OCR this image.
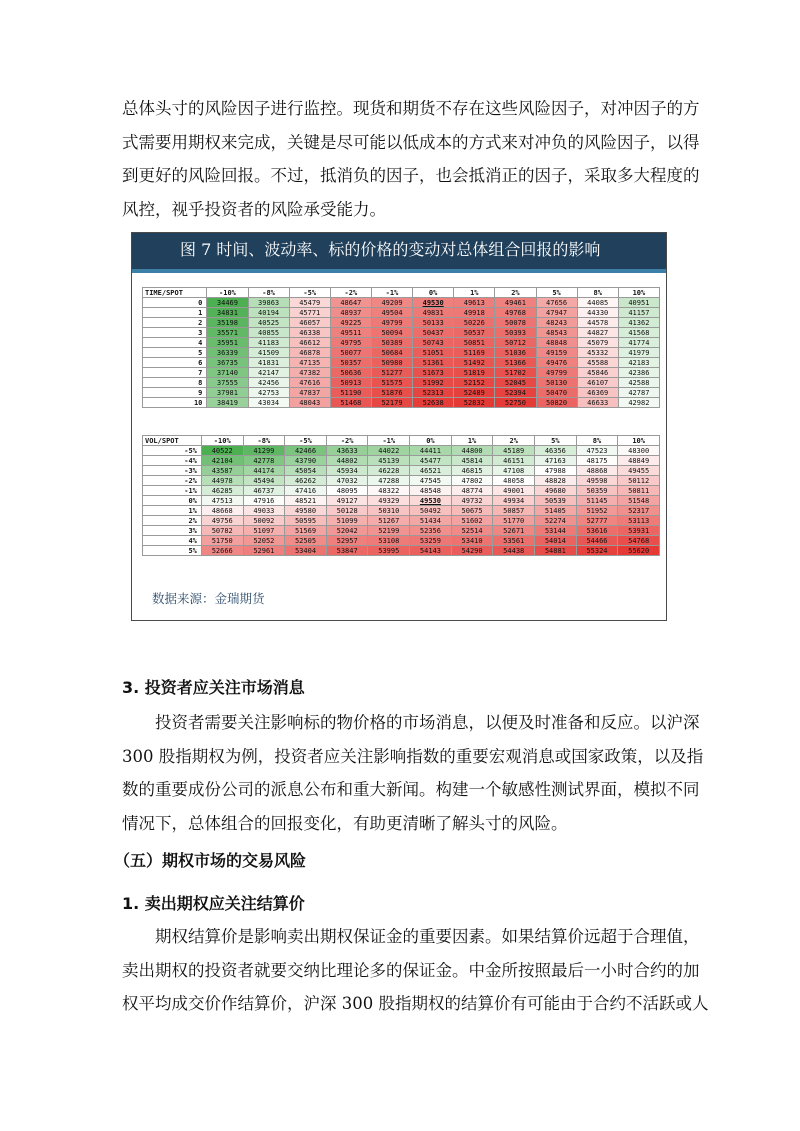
总体头寸的风险因子进行监控。现货和期货不存在这些风险因子，对冲因子的方
式需要用期权来完成，关键是尽可能以低成本的方式来对冲负的风险因子，以得
到更好的风险回报。不过，抵消负的因子，也会抵消正的因子，采取多大程度的
风控，视乎投资者的风险承受能力。
图 7 时间、波动率、标的价格的变动对总体组合回报的影响
TIME/SPOT	-10%	-8%	-5%	-2%	-1%	0%	1%	2%	5%	8%	10%
0	34469	39863	45479	48647	49209	49530	49613	49461	47656	44085	40951
1	34831	40194	45771	48937	49504	49831	49918	49768	47947	44330	41157
2	35198	40525	46057	49225	49799	50133	50226	50078	48243	44578	41362
3	35571	40855	46338	49511	50094	50437	50537	50393	48543	44827	41568
4	35951	41183	46612	49795	50389	50743	50851	50712	48848	45079	41774
5	36339	41509	46878	50077	50684	51051	51169	51036	49159	45332	41979
6	36735	41831	47135	50357	50980	51361	51492	51366	49476	45588	42183
7	37140	42147	47382	50636	51277	51673	51819	51702	49799	45846	42386
8	37555	42456	47616	50913	51575	51992	52152	52045	50130	46107	42588
9	37981	42753	47837	51190	51876	52313	52489	52394	50470	46369	42787
10	38419	43034	48043	51468	52179	52638	52832	52750	50820	46633	42982
VOL/SPOT	-10%	-8%	-5%	-2%	-1%	0%	1%	2%	5%	8%	10%
-5%	40522	41299	42466	43633	44022	44411	44800	45189	46356	47523	48300
-4%	42104	42778	43790	44802	45139	45477	45814	46151	47163	48175	48849
-3%	43587	44174	45054	45934	46228	46521	46815	47108	47988	48868	49455
-2%	44978	45494	46262	47032	47288	47545	47802	48058	48828	49598	50112
-1%	46285	46737	47416	48095	48322	48548	48774	49001	49680	50359	50811
0%	47513	47916	48521	49127	49329	49530	49732	49934	50539	51145	51548
1%	48668	49033	49580	50128	50310	50492	50675	50857	51405	51952	52317
2%	49756	50092	50595	51099	51267	51434	51602	51770	52274	52777	53113
3%	50782	51097	51569	52042	52199	52356	52514	52671	53144	53616	53931
4%	51750	52052	52505	52957	53108	53259	53410	53561	54014	54466	54768
5%	52666	52961	53404	53847	53995	54143	54290	54438	54881	55324	55620
数据来源：金瑞期货
3. 投资者应关注市场消息
投资者需要关注影响标的物价格的市场消息，以便及时准备和反应。以沪深
300 股指期权为例，投资者应关注影响指数的重要宏观消息或国家政策，以及指
数的重要成份公司的派息公布和重大新闻。构建一个敏感性测试界面，模拟不同
情况下，总体组合的回报变化，有助更清晰了解头寸的风险。
（五）期权市场的交易风险
1. 卖出期权应关注结算价
期权结算价是影响卖出期权保证金的重要因素。如果结算价远超于合理值，
卖出期权的投资者就要交纳比理论多的保证金。中金所按照最后一小时合约的加
权平均成交价作结算价，沪深 300 股指期权的结算价有可能由于合约不活跃或人
